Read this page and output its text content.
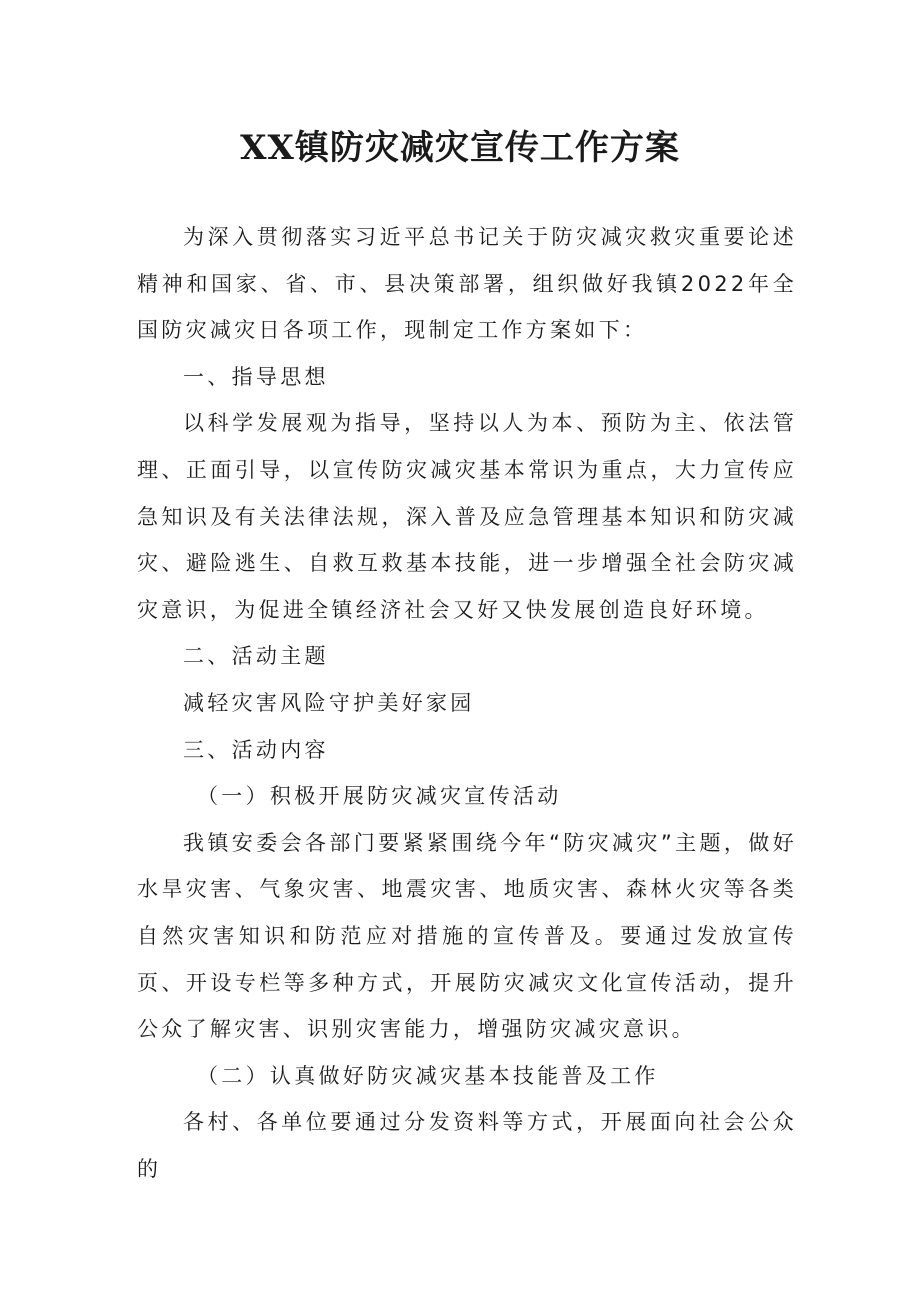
XX镇防灾减灾宣传工作方案

为深入贯彻落实习近平总书记关于防灾减灾救灾重要论述精神和国家、省、市、县决策部署，组织做好我镇2022年全国防灾减灾日各项工作，现制定工作方案如下：

一、指导思想

以科学发展观为指导，坚持以人为本、预防为主、依法管理、正面引导，以宣传防灾减灾基本常识为重点，大力宣传应急知识及有关法律法规，深入普及应急管理基本知识和防灾减灾、避险逃生、自救互救基本技能，进一步增强全社会防灾减灾意识，为促进全镇经济社会又好又快发展创造良好环境。

二、活动主题

减轻灾害风险守护美好家园

三、活动内容

（一）积极开展防灾减灾宣传活动

我镇安委会各部门要紧紧围绕今年“防灾减灾”主题，做好水旱灾害、气象灾害、地震灾害、地质灾害、森林火灾等各类自然灾害知识和防范应对措施的宣传普及。要通过发放宣传页、开设专栏等多种方式，开展防灾减灾文化宣传活动，提升公众了解灾害、识别灾害能力，增强防灾减灾意识。

（二）认真做好防灾减灾基本技能普及工作

各村、各单位要通过分发资料等方式，开展面向社会公众的
